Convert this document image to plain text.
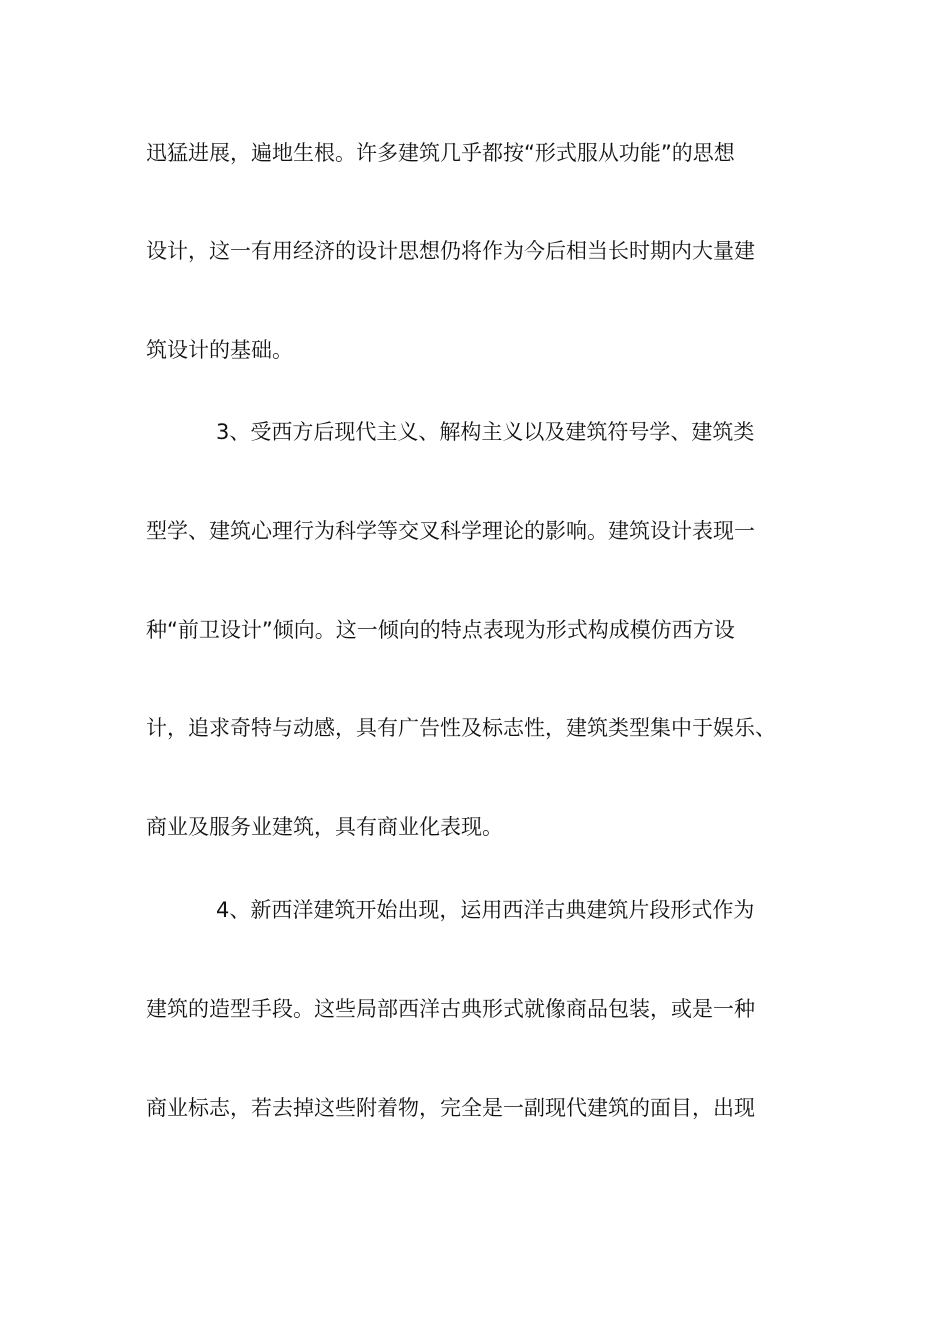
迅猛进展，遍地生根。许多建筑几乎都按“形式服从功能”的思想
设计，这一有用经济的设计思想仍将作为今后相当长时期内大量建
筑设计的基础。
3、受西方后现代主义、解构主义以及建筑符号学、建筑类
型学、建筑心理行为科学等交叉科学理论的影响。建筑设计表现一
种“前卫设计”倾向。这一倾向的特点表现为形式构成模仿西方设
计，追求奇特与动感，具有广告性及标志性，建筑类型集中于娱乐、
商业及服务业建筑，具有商业化表现。
4、新西洋建筑开始出现，运用西洋古典建筑片段形式作为
建筑的造型手段。这些局部西洋古典形式就像商品包装，或是一种
商业标志，若去掉这些附着物，完全是一副现代建筑的面目，出现
